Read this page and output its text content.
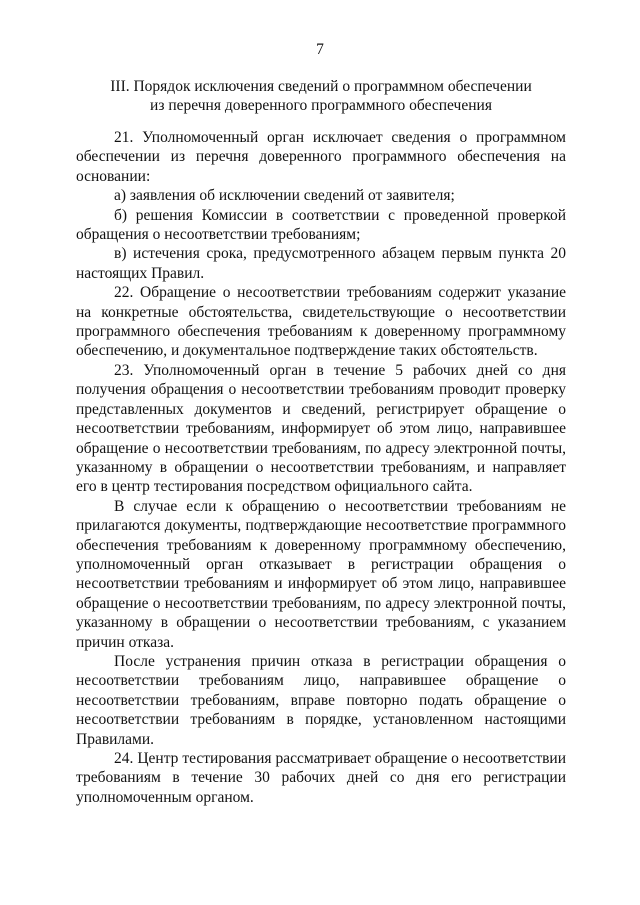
7
III. Порядок исключения сведений о программном обеспечении
из перечня доверенного программного обеспечения

21. Уполномоченный орган исключает сведения о программном обеспечении из перечня доверенного программного обеспечения на основании:

а) заявления об исключении сведений от заявителя;

б) решения Комиссии в соответствии с проведенной проверкой обращения о несоответствии требованиям;

в) истечения срока, предусмотренного абзацем первым пункта 20 настоящих Правил.

22. Обращение о несоответствии требованиям содержит указание на конкретные обстоятельства, свидетельствующие о несоответствии программного обеспечения требованиям к доверенному программному обеспечению, и документальное подтверждение таких обстоятельств.

23. Уполномоченный орган в течение 5 рабочих дней со дня получения обращения о несоответствии требованиям проводит проверку представленных документов и сведений, регистрирует обращение о несоответствии требованиям, информирует об этом лицо, направившее обращение о несоответствии требованиям, по адресу электронной почты, указанному в обращении о несоответствии требованиям, и направляет его в центр тестирования посредством официального сайта.

В случае если к обращению о несоответствии требованиям не прилагаются документы, подтверждающие несоответствие программного обеспечения требованиям к доверенному программному обеспечению, уполномоченный орган отказывает в регистрации обращения о несоответствии требованиям и информирует об этом лицо, направившее обращение о несоответствии требованиям, по адресу электронной почты, указанному в обращении о несоответствии требованиям, с указанием причин отказа.

После устранения причин отказа в регистрации обращения о несоответствии требованиям лицо, направившее обращение о несоответствии требованиям, вправе повторно подать обращение о несоответствии требованиям в порядке, установленном настоящими Правилами.

24. Центр тестирования рассматривает обращение о несоответствии требованиям в течение 30 рабочих дней со дня его регистрации уполномоченным органом.
